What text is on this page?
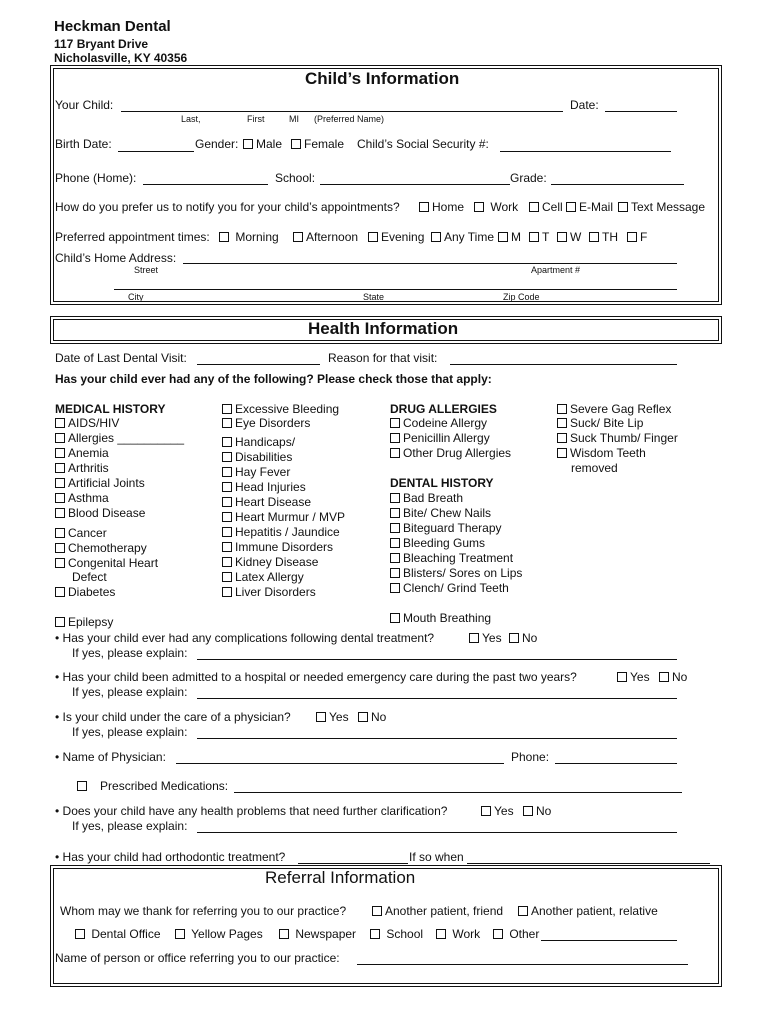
Heckman Dental
117 Bryant Drive
Nicholasville, KY 40356
Child’s Information
Your Child:	Date:
Last,	First	MI (Preferred Name)
Birth Date:	Gender:	Male	Female Child’s Social Security #:
Phone (Home):	School:	Grade:
How do you prefer us to notify you for your child’s appointments?	Home	Work	Cell	E-Mail	Text Message
Preferred appointment times:	Morning	Afternoon	Evening	Any Time	M	T	W	TH	F
Child’s Home Address:
Street	Apartment #
City	State	Zip Code
Health Information
Date of Last Dental Visit:	Reason for that visit:
Has your child ever had any of the following? Please check those that apply:
MEDICAL HISTORY
AIDS/HIV
Allergies __________
Anemia
Arthritis
Artificial Joints
Asthma
Blood Disease
Cancer
Chemotherapy
Congenital Heart
Defect
Diabetes
Epilepsy
Excessive Bleeding
Eye Disorders
Handicaps/
Disabilities
Hay Fever
Head Injuries
Heart Disease
Heart Murmur / MVP
Hepatitis / Jaundice
Immune Disorders
Kidney Disease
Latex Allergy
Liver Disorders
DRUG ALLERGIES
Codeine Allergy
Penicillin Allergy
Other Drug Allergies
DENTAL HISTORY
Bad Breath
Bite/ Chew Nails
Biteguard Therapy
Bleeding Gums
Bleaching Treatment
Blisters/ Sores on Lips
Clench/ Grind Teeth
Mouth Breathing
Severe Gag Reflex
Suck/ Bite Lip
Suck Thumb/ Finger
Wisdom Teeth
removed
• Has your child ever had any complications following dental treatment?	Yes	No
If yes, please explain:
• Has your child been admitted to a hospital or needed emergency care during the past two years?	Yes	No
If yes, please explain:
• Is your child under the care of a physician?	Yes	No
If yes, please explain:
• Name of Physician:	Phone:
Prescribed Medications:
• Does your child have any health problems that need further clarification?	Yes	No
If yes, please explain:
• Has your child had orthodontic treatment?	If so when
Referral Information
Whom may we thank for referring you to our practice?	Another patient, friend	Another patient, relative
Dental Office	Yellow Pages	Newspaper	School	Work	Other
Name of person or office referring you to our practice:
